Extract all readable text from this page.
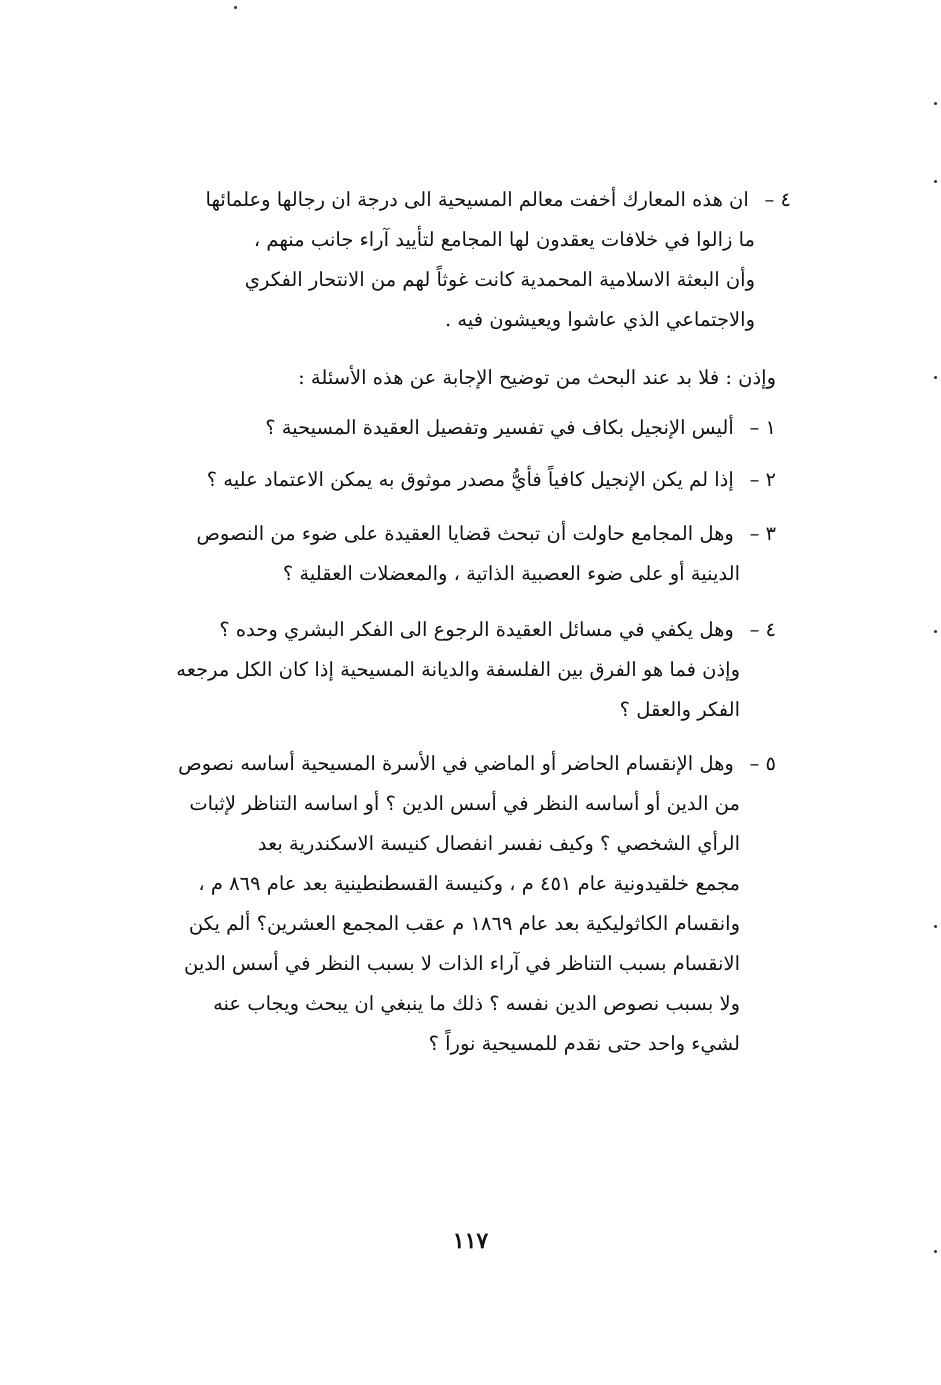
٤ – ان هذه المعارك أخفت معالم المسيحية الى درجة ان رجالها وعلمائها
ما زالوا في خلافات يعقدون لها المجامع لتأييد آراء جانب منهم ،
وأن البعثة الاسلامية المحمدية كانت غوثاً لهم من الانتحار الفكري
والاجتماعي الذي عاشوا ويعيشون فيه .
وإذن : فلا بد عند البحث من توضيح الإجابة عن هذه الأسئلة :
١ – أليس الإنجيل بكاف في تفسير وتفصيل العقيدة المسيحية ؟
٢ – إذا لم يكن الإنجيل كافياً فأيُّ مصدر موثوق به يمكن الاعتماد عليه ؟
٣ – وهل المجامع حاولت أن تبحث قضايا العقيدة على ضوء من النصوص
الدينية أو على ضوء العصبية الذاتية ، والمعضلات العقلية ؟
٤ – وهل يكفي في مسائل العقيدة الرجوع الى الفكر البشري وحده ؟
وإذن فما هو الفرق بين الفلسفة والديانة المسيحية إذا كان الكل مرجعه
الفكر والعقل ؟
٥ – وهل الإنقسام الحاضر أو الماضي في الأسرة المسيحية أساسه نصوص
من الدين أو أساسه النظر في أسس الدين ؟ أو اساسه التناظر لإثبات
الرأي الشخصي ؟ وكيف نفسر انفصال كنيسة الاسكندرية بعد
مجمع خلقيدونية عام ٤٥١ م ، وكنيسة القسطنطينية بعد عام ٨٦٩ م ،
وانقسام الكاثوليكية بعد عام ١٨٦٩ م عقب المجمع العشرين؟ ألم يكن
الانقسام بسبب التناظر في آراء الذات لا بسبب النظر في أسس الدين
ولا بسبب نصوص الدين نفسه ؟ ذلك ما ينبغي ان يبحث ويجاب عنه
لشيء واحد حتى نقدم للمسيحية نوراً ؟
١١٧
